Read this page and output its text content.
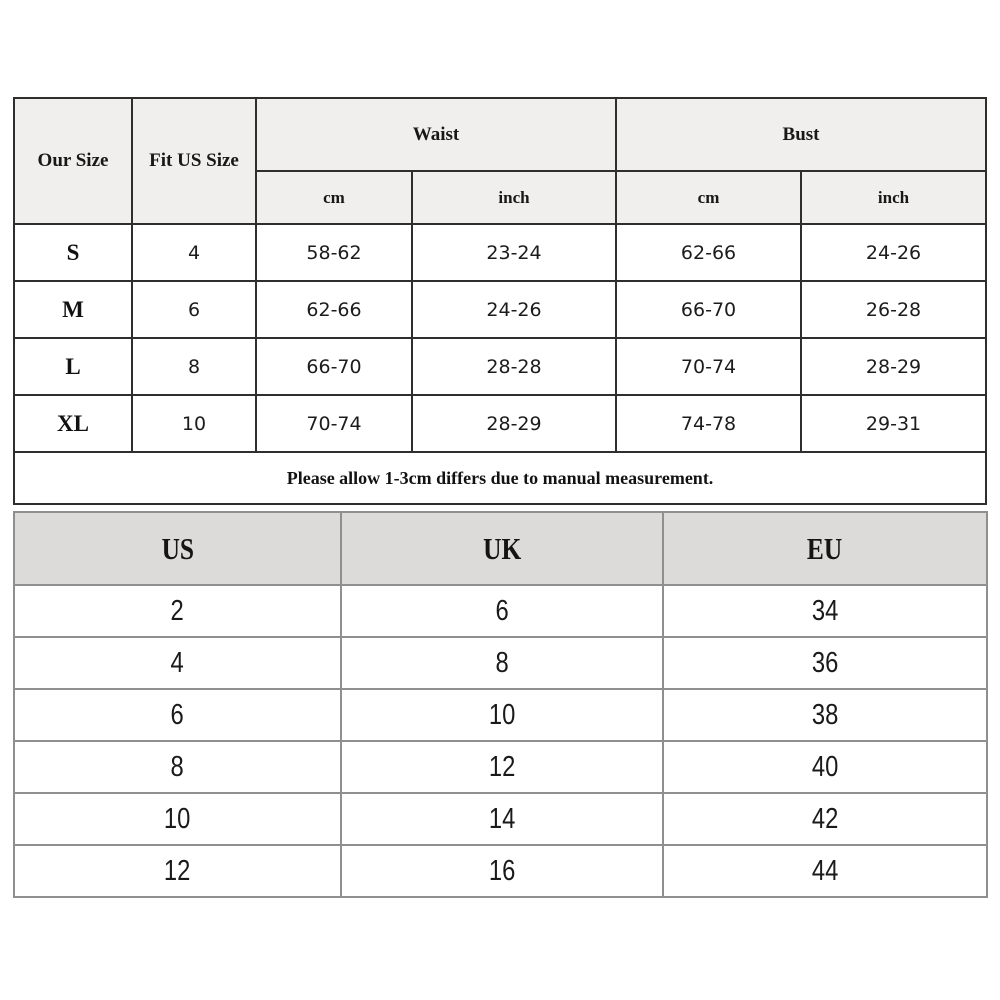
Our Size	Fit US Size	Waist		Bust	
		cm	inch	cm	inch
S	4	58-62	23-24	62-66	24-26
M	6	62-66	24-26	66-70	26-28
L	8	66-70	28-28	70-74	28-29
XL	10	70-74	28-29	74-78	29-31
Please allow 1-3cm differs due to manual measurement.					
US	UK	EU
2	6	34
4	8	36
6	10	38
8	12	40
10	14	42
12	16	44
